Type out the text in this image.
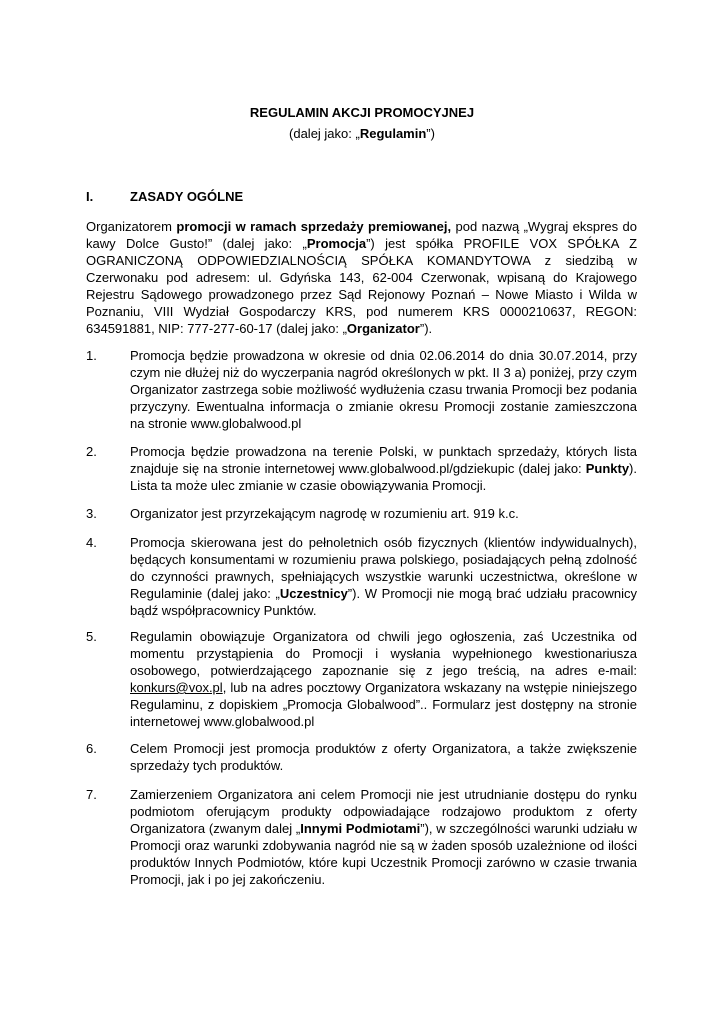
REGULAMIN AKCJI PROMOCYJNEJ
(dalej jako: „Regulamin”)
I.	ZASADY OGÓLNE
Organizatorem promocji w ramach sprzedaży premiowanej, pod nazwą „Wygraj ekspres do kawy Dolce Gusto!” (dalej jako: „Promocja”) jest spółka PROFILE VOX SPÓŁKA Z OGRANICZONĄ ODPOWIEDZIALNOŚCIĄ SPÓŁKA KOMANDYTOWA z siedzibą w Czerwonaku pod adresem: ul. Gdyńska 143, 62-004 Czerwonak, wpisaną do Krajowego Rejestru Sądowego prowadzonego przez Sąd Rejonowy Poznań – Nowe Miasto i Wilda w Poznaniu, VIII Wydział Gospodarczy KRS, pod numerem KRS 0000210637, REGON: 634591881, NIP: 777-277-60-17 (dalej jako: „Organizator”).
1.	Promocja będzie prowadzona w okresie od dnia 02.06.2014 do dnia 30.07.2014, przy czym nie dłużej niż do wyczerpania nagród określonych w pkt. II 3 a) poniżej, przy czym Organizator zastrzega sobie możliwość wydłużenia czasu trwania Promocji bez podania przyczyny. Ewentualna informacja o zmianie okresu Promocji zostanie zamieszczona na stronie www.globalwood.pl
2.	Promocja będzie prowadzona na terenie Polski, w punktach sprzedaży, których lista znajduje się na stronie internetowej www.globalwood.pl/gdziekupic (dalej jako: Punkty). Lista ta może ulec zmianie w czasie obowiązywania Promocji.
3.	Organizator jest przyrzekającym nagrodę w rozumieniu art. 919 k.c.
4.	Promocja skierowana jest do pełnoletnich osób fizycznych (klientów indywidualnych), będących konsumentami w rozumieniu prawa polskiego, posiadających pełną zdolność do czynności prawnych, spełniających wszystkie warunki uczestnictwa, określone w Regulaminie (dalej jako: „Uczestnicy”). W Promocji nie mogą brać udziału pracownicy bądź współpracownicy Punktów.
5.	Regulamin obowiązuje Organizatora od chwili jego ogłoszenia, zaś Uczestnika od momentu przystąpienia do Promocji i wysłania wypełnionego kwestionariusza osobowego, potwierdzającego zapoznanie się z jego treścią, na adres e-mail: konkurs@vox.pl, lub na adres pocztowy Organizatora wskazany na wstępie niniejszego Regulaminu, z dopiskiem „Promocja Globalwood”.. Formularz jest dostępny na stronie internetowej www.globalwood.pl
6.	Celem Promocji jest promocja produktów z oferty Organizatora, a także zwiększenie sprzedaży tych produktów.
7.	Zamierzeniem Organizatora ani celem Promocji nie jest utrudnianie dostępu do rynku podmiotom oferującym produkty odpowiadające rodzajowo produktom z oferty Organizatora (zwanym dalej „Innymi Podmiotami”), w szczególności warunki udziału w Promocji oraz warunki zdobywania nagród nie są w żaden sposób uzależnione od ilości produktów Innych Podmiotów, które kupi Uczestnik Promocji zarówno w czasie trwania Promocji, jak i po jej zakończeniu.
